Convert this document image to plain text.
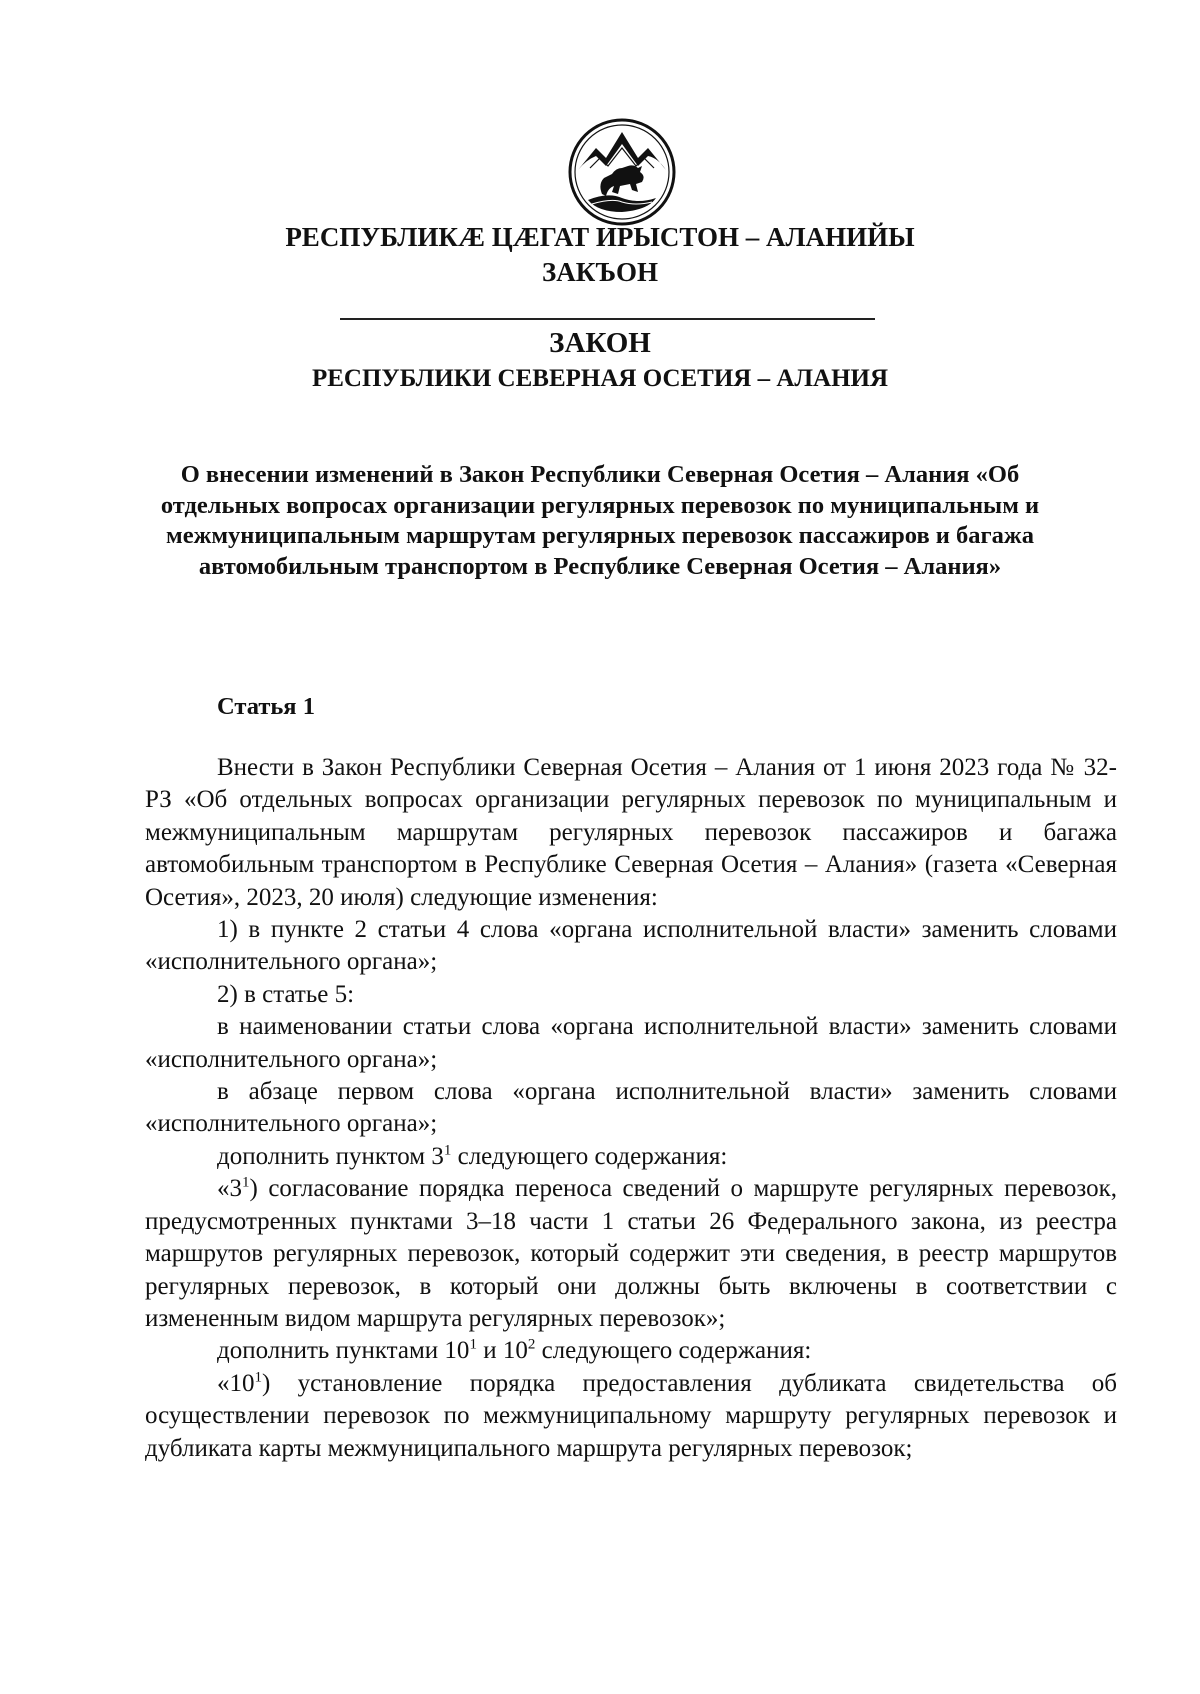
РЕСПУБЛИКӔ ЦӔГАТ ИРЫСТОН – АЛАНИЙЫ
ЗАКЪОН
ЗАКОН
РЕСПУБЛИКИ СЕВЕРНАЯ ОСЕТИЯ – АЛАНИЯ
О внесении изменений в Закон Республики Северная Осетия – Алания «Об отдельных вопросах организации регулярных перевозок по муниципальным и межмуниципальным маршрутам регулярных перевозок пассажиров и багажа автомобильным транспортом в Республике Северная Осетия – Алания»
Статья 1

Внести в Закон Республики Северная Осетия – Алания от 1 июня 2023 года № 32-РЗ «Об отдельных вопросах организации регулярных перевозок по муниципальным и межмуниципальным маршрутам регулярных перевозок пассажиров и багажа автомобильным транспортом в Республике Северная Осетия – Алания» (газета «Северная Осетия», 2023, 20 июля) следующие изменения:

1) в пункте 2 статьи 4 слова «органа исполнительной власти» заменить словами «исполнительного органа»;

2) в статье 5:

в наименовании статьи слова «органа исполнительной власти» заменить словами «исполнительного органа»;

в абзаце первом слова «органа исполнительной власти» заменить словами «исполнительного органа»;

дополнить пунктом $3^1$ следующего содержания:

«$3^1$) согласование порядка переноса сведений о маршруте регулярных перевозок, предусмотренных пунктами 3–18 части 1 статьи 26 Федерального закона, из реестра маршрутов регулярных перевозок, который содержит эти сведения, в реестр маршрутов регулярных перевозок, в который они должны быть включены в соответствии с измененным видом маршрута регулярных перевозок»;

дополнить пунктами $10^1$ и $10^2$ следующего содержания:

«$10^1$) установление порядка предоставления дубликата свидетельства об осуществлении перевозок по межмуниципальному маршруту регулярных перевозок и дубликата карты межмуниципального маршрута регулярных перевозок;
